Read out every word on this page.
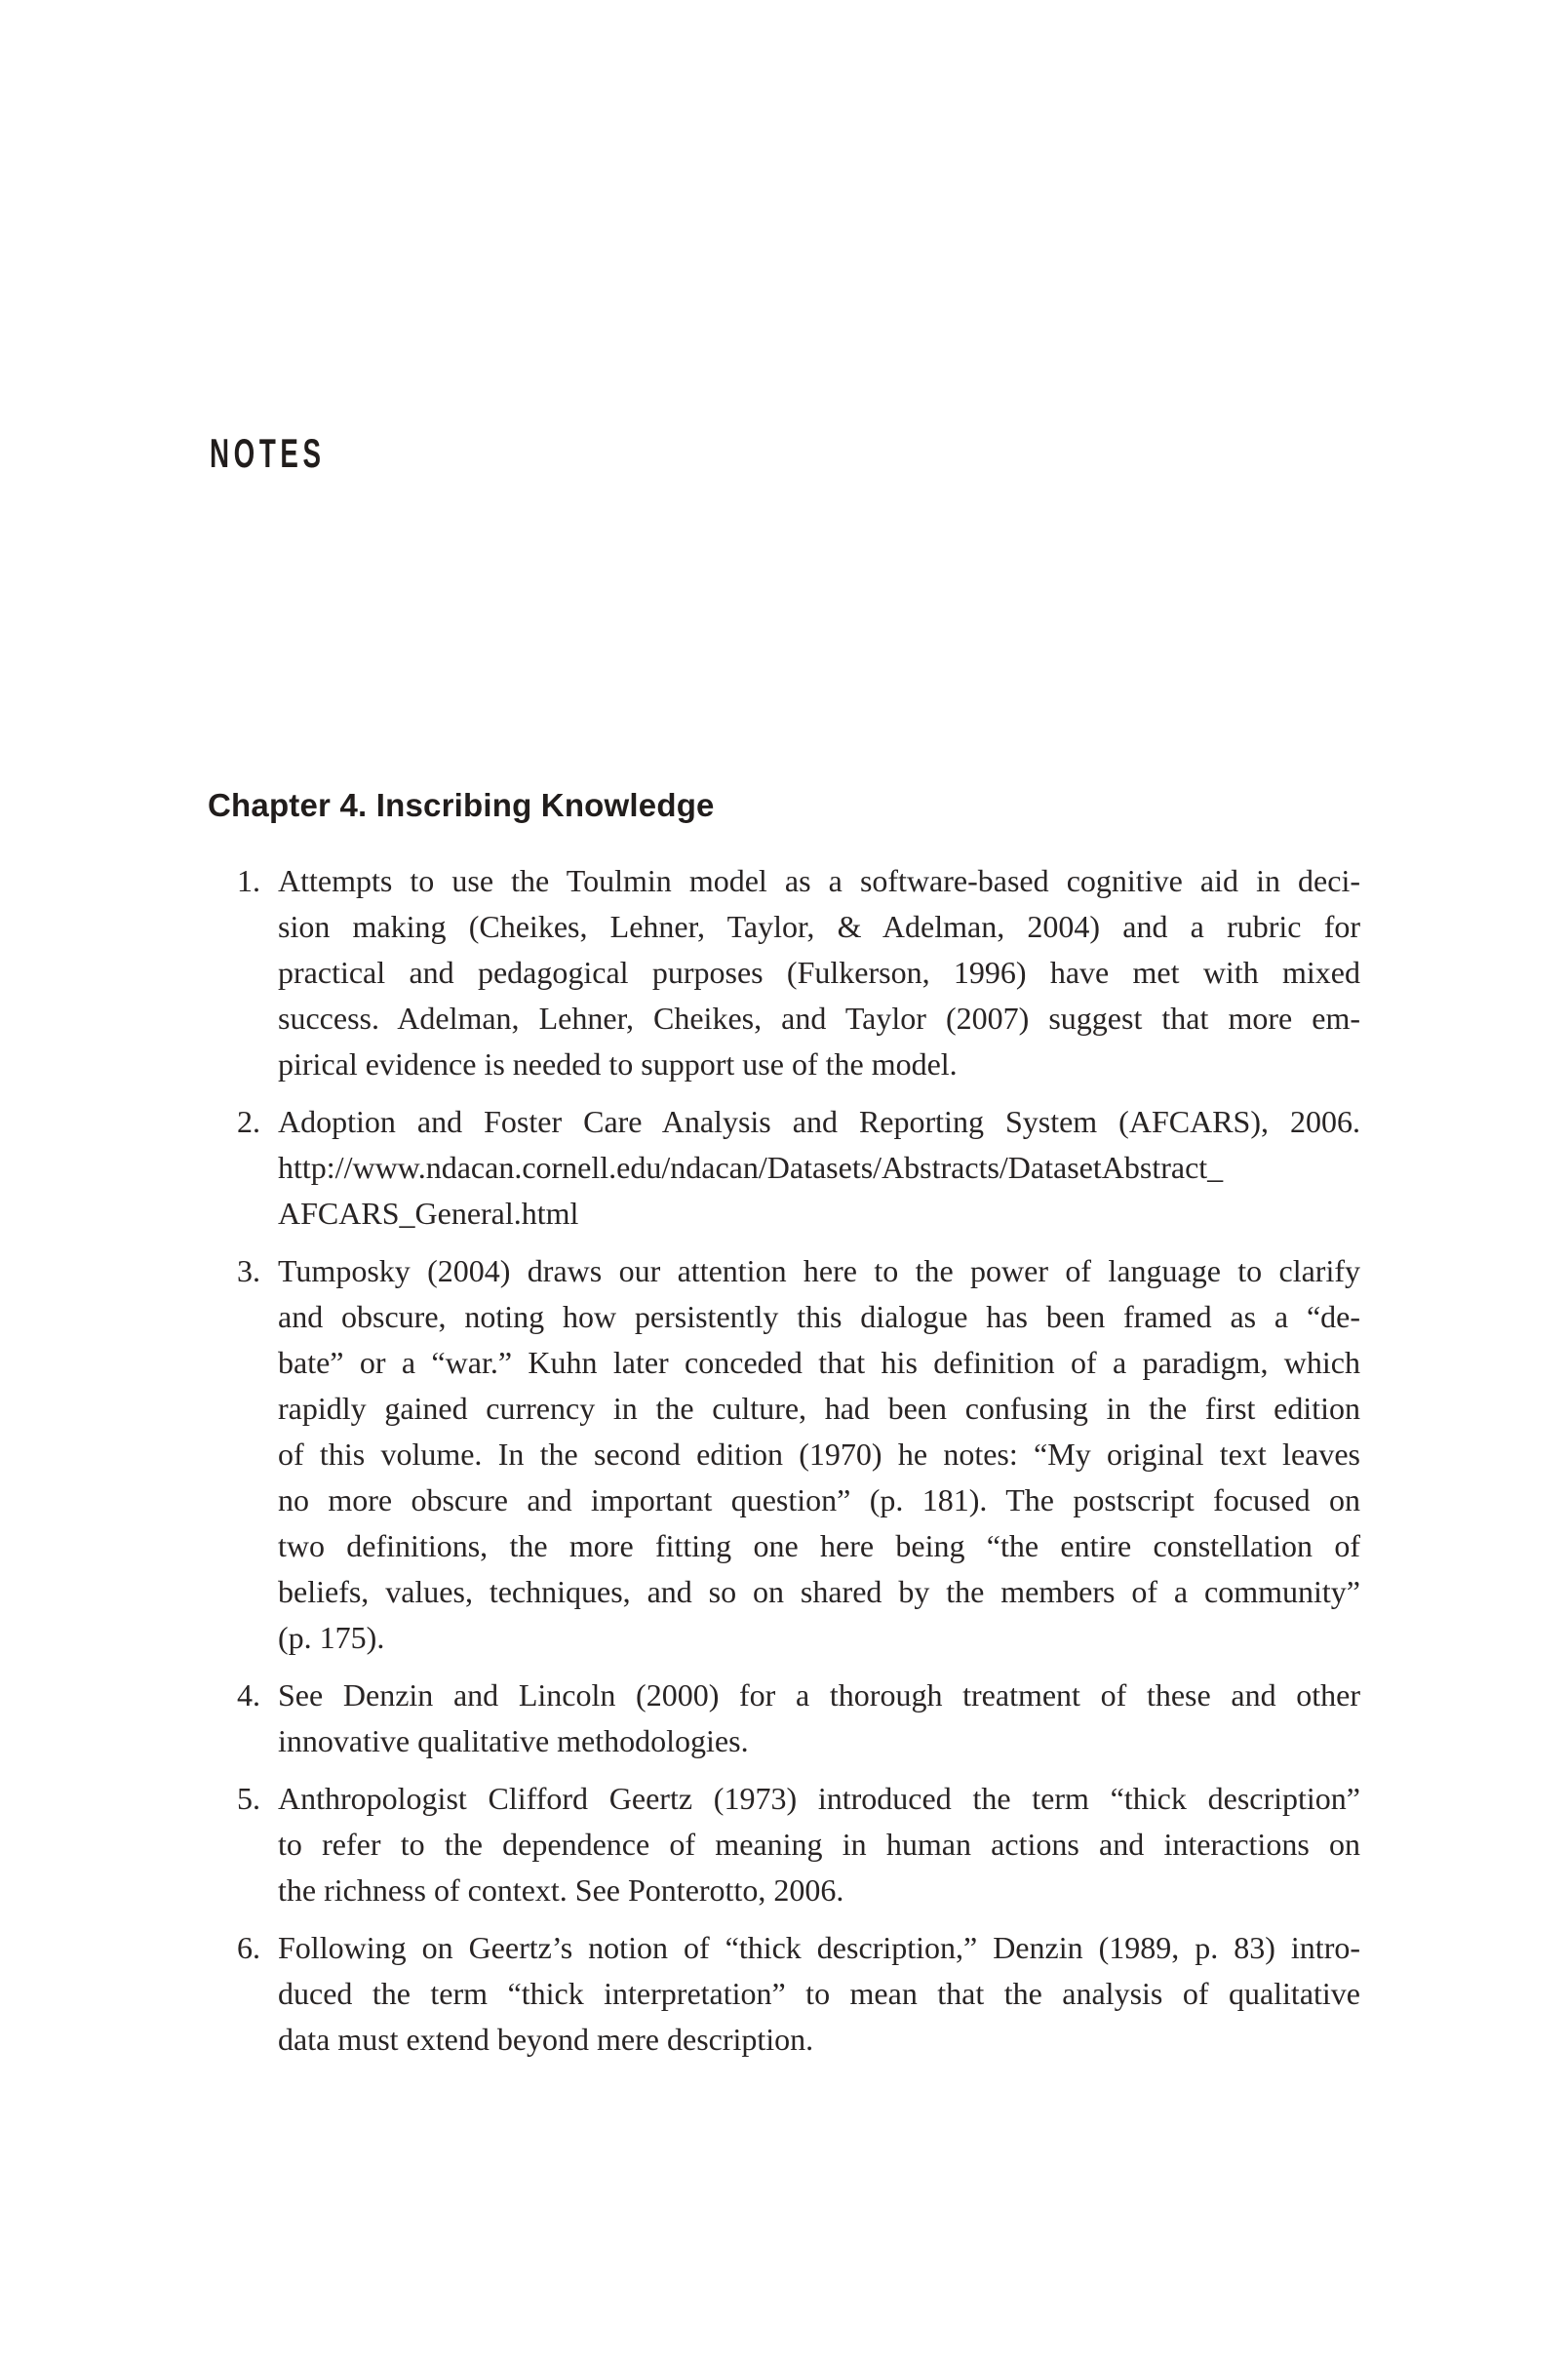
NOTES
Chapter 4. Inscribing Knowledge
1. Attempts to use the Toulmin model as a software-based cognitive aid in deci-
sion making (Cheikes, Lehner, Taylor, & Adelman, 2004) and a rubric for
practical and pedagogical purposes (Fulkerson, 1996) have met with mixed
success. Adelman, Lehner, Cheikes, and Taylor (2007) suggest that more em-
pirical evidence is needed to support use of the model.
2. Adoption and Foster Care Analysis and Reporting System (AFCARS), 2006.
http://www.ndacan.cornell.edu/ndacan/Datasets/Abstracts/DatasetAbstract_
AFCARS_General.html
3. Tumposky (2004) draws our attention here to the power of language to clarify
and obscure, noting how persistently this dialogue has been framed as a “de-
bate” or a “war.” Kuhn later conceded that his definition of a paradigm, which
rapidly gained currency in the culture, had been confusing in the first edition
of this volume. In the second edition (1970) he notes: “My original text leaves
no more obscure and important question” (p. 181). The postscript focused on
two definitions, the more fitting one here being “the entire constellation of
beliefs, values, techniques, and so on shared by the members of a community”
(p. 175).
4. See Denzin and Lincoln (2000) for a thorough treatment of these and other
innovative qualitative methodologies.
5. Anthropologist Clifford Geertz (1973) introduced the term “thick description”
to refer to the dependence of meaning in human actions and interactions on
the richness of context. See Ponterotto, 2006.
6. Following on Geertz’s notion of “thick description,” Denzin (1989, p. 83) intro-
duced the term “thick interpretation” to mean that the analysis of qualitative
data must extend beyond mere description.
